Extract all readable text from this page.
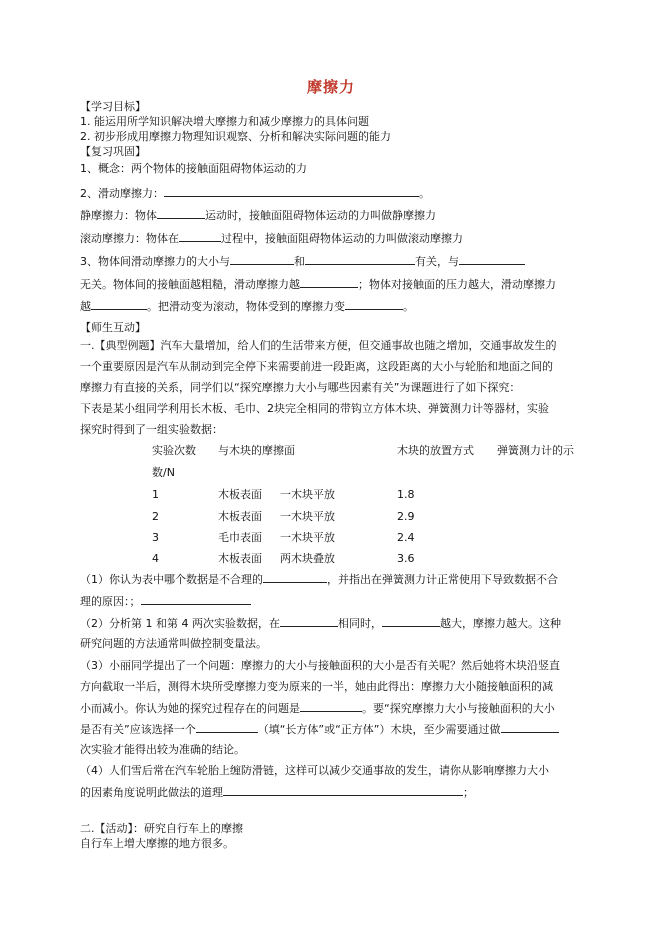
摩擦力
【学习目标】
1. 能运用所学知识解决增大摩擦力和减少摩擦力的具体问题
2. 初步形成用摩擦力物理知识观察、分析和解决实际问题的能力
【复习巩固】
1、概念：两个物体的接触面阻碍物体运动的力
2、滑动摩擦力：	。
静摩擦力：物体	运动时，接触面阻碍物体运动的力叫做静摩擦力
滚动摩擦力：物体在	过程中，接触面阻碍物体运动的力叫做滚动摩擦力
3、物体间滑动摩擦力的大小与	和	有关，与
无关。物体间的接触面越粗糙，滑动摩擦力越	；物体对接触面的压力越大，滑动摩擦力
越	。把滑动变为滚动，物体受到的摩擦力变	。
【师生互动】
一.【典型例题】汽车大量增加，给人们的生活带来方便，但交通事故也随之增加，交通事故发生的
一个重要原因是汽车从制动到完全停下来需要前进一段距离，这段距离的大小与轮胎和地面之间的
摩擦力有直接的关系，同学们以“探究摩擦力大小与哪些因素有关”为课题进行了如下探究：
下表是某小组同学利用长木板、毛巾、2块完全相同的带钩立方体木块、弹簧测力计等器材，实验
探究时得到了一组实验数据：
实验次数 与木块的摩擦面	木块的放置方式 弹簧测力计的示
数/N
1	木板表面 一木块平放	1.8
2	木板表面 一木块平放	2.9
3	毛巾表面 一木块平放	2.4
4	木板表面 两木块叠放	3.6
（1）你认为表中哪个数据是不合理的	，并指出在弹簧测力计正常使用下导致数据不合
理的原因：；
（2）分析第 1 和第 4 两次实验数据，在	相同时，	越大，摩擦力越大。这种
研究问题的方法通常叫做控制变量法。
（3）小丽同学提出了一个问题：摩擦力的大小与接触面积的大小是否有关呢？然后她将木块沿竖直
方向截取一半后，测得木块所受摩擦力变为原来的一半，她由此得出：摩擦力大小随接触面积的减
小而减小。你认为她的探究过程存在的问题是	。要“探究摩擦力大小与接触面积的大小
是否有关”应该选择一个	（填“长方体”或“正方体”）木块，至少需要通过做
次实验才能得出较为准确的结论。
（4）人们雪后常在汽车轮胎上缠防滑链，这样可以减少交通事故的发生，请你从影响摩擦力大小
的因素角度说明此做法的道理	；
二.【活动】：研究自行车上的摩擦
自行车上增大摩擦的地方很多。
